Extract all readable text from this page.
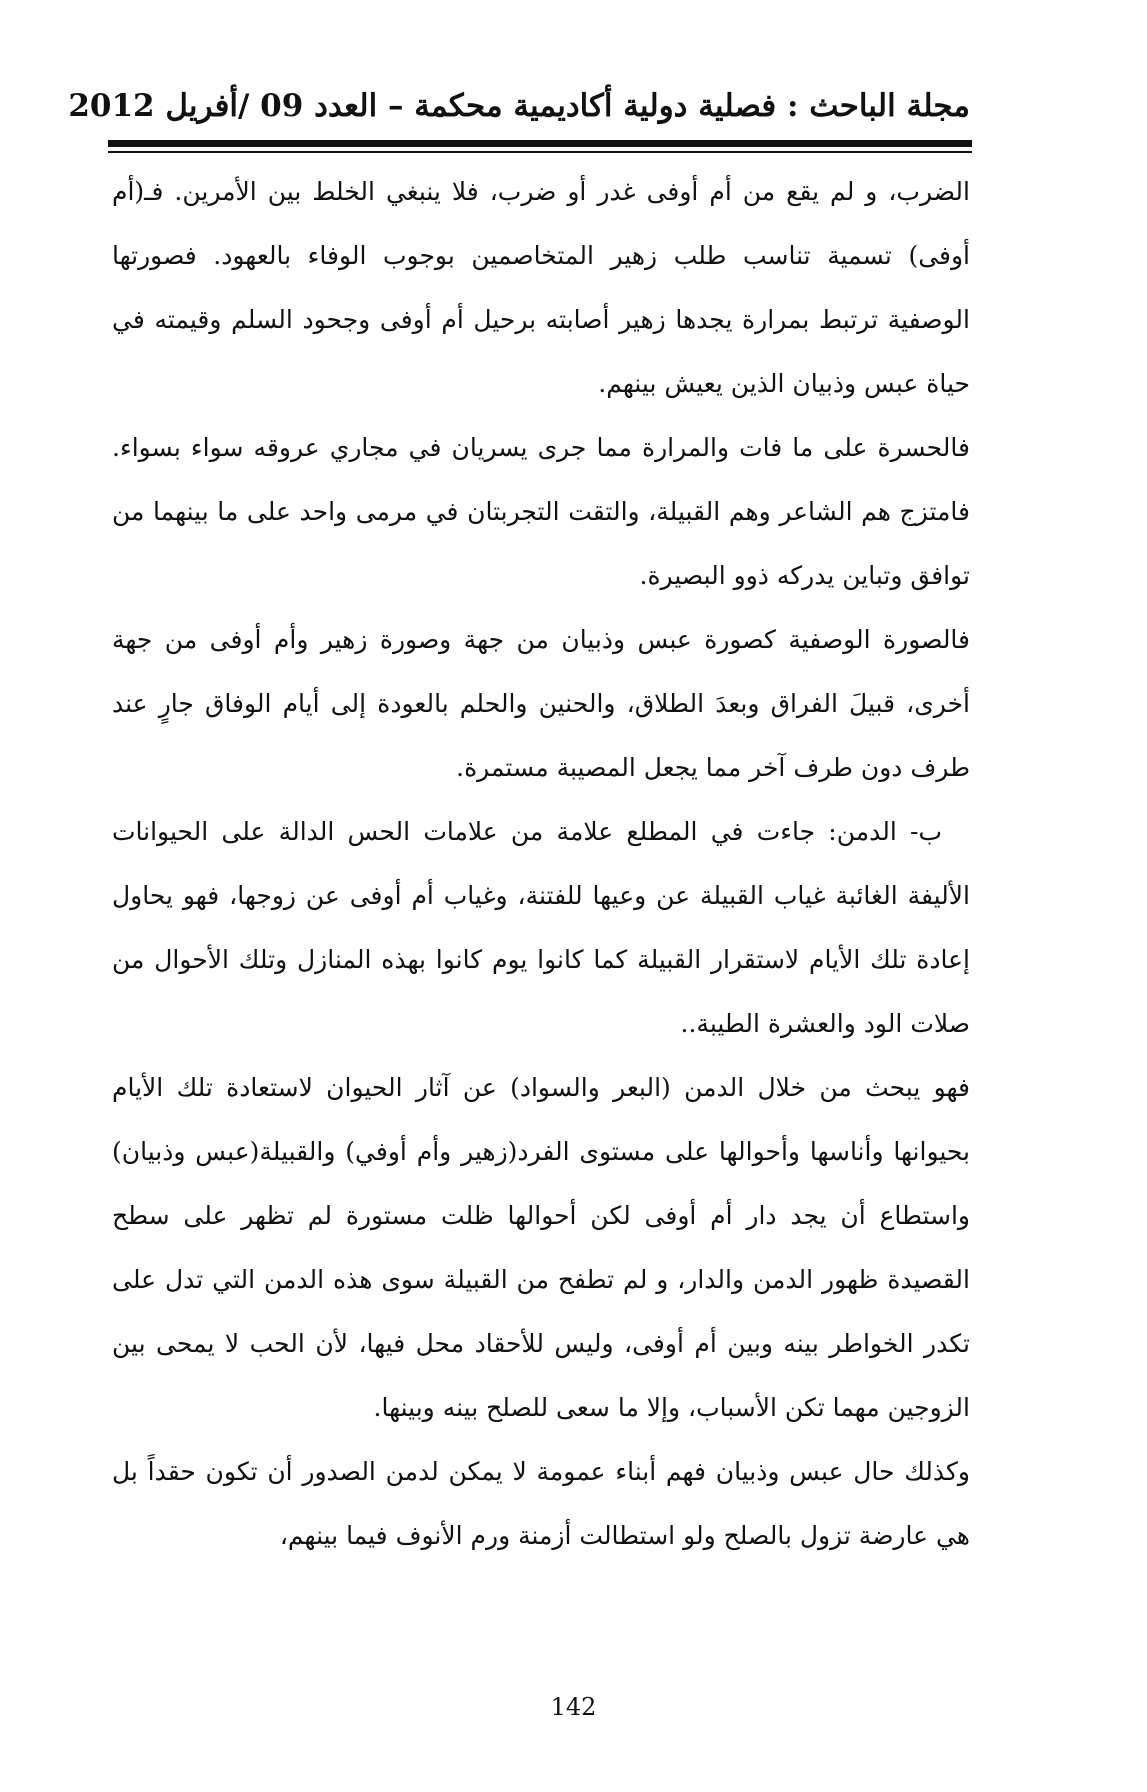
مجلة الباحث : فصلية دولية أكاديمية محكمة – العدد 09 /أفريل 2012

الضرب، و لم يقع من أم أوفى غدر أو ضرب، فلا ينبغي الخلط بين الأمرين. فـ(أم أوفى) تسمية تناسب طلب زهير المتخاصمين بوجوب الوفاء بالعهود. فصورتها الوصفية ترتبط بمرارة يجدها زهير أصابته برحيل أم أوفى وجحود السلم وقيمته في حياة عبس وذبيان الذين يعيش بينهم.

فالحسرة على ما فات والمرارة مما جرى يسريان في مجاري عروقه سواء بسواء. فامتزج هم الشاعر وهم القبيلة، والتقت التجربتان في مرمى واحد على ما بينهما من توافق وتباين يدركه ذوو البصيرة.

فالصورة الوصفية كصورة عبس وذبيان من جهة وصورة زهير وأم أوفى من جهة أخرى، قبيلَ الفراق وبعدَ الطلاق، والحنين والحلم بالعودة إلى أيام الوفاق جارٍ عند طرف دون طرف آخر مما يجعل المصيبة مستمرة.

ب- الدمن: جاءت في المطلع علامة من علامات الحس الدالة على الحيوانات الأليفة الغائبة غياب القبيلة عن وعيها للفتنة، وغياب أم أوفى عن زوجها، فهو يحاول إعادة تلك الأيام لاستقرار القبيلة كما كانوا يوم كانوا بهذه المنازل وتلك الأحوال من صلات الود والعشرة الطيبة..

فهو يبحث من خلال الدمن (البعر والسواد) عن آثار الحيوان لاستعادة تلك الأيام بحيوانها وأناسها وأحوالها على مستوى الفرد(زهير وأم أوفي) والقبيلة(عبس وذبيان) واستطاع أن يجد دار أم أوفى لكن أحوالها ظلت مستورة لم تظهر على سطح القصيدة ظهور الدمن والدار، و لم تطفح من القبيلة سوى هذه الدمن التي تدل على تكدر الخواطر بينه وبين أم أوفى، وليس للأحقاد محل فيها، لأن الحب لا يمحى بين الزوجين مهما تكن الأسباب، وإلا ما سعى للصلح بينه وبينها.

وكذلك حال عبس وذبيان فهم أبناء عمومة لا يمكن لدمن الصدور أن تكون حقداً بل هي عارضة تزول بالصلح ولو استطالت أزمنة ورم الأنوف فيما بينهم،

142
